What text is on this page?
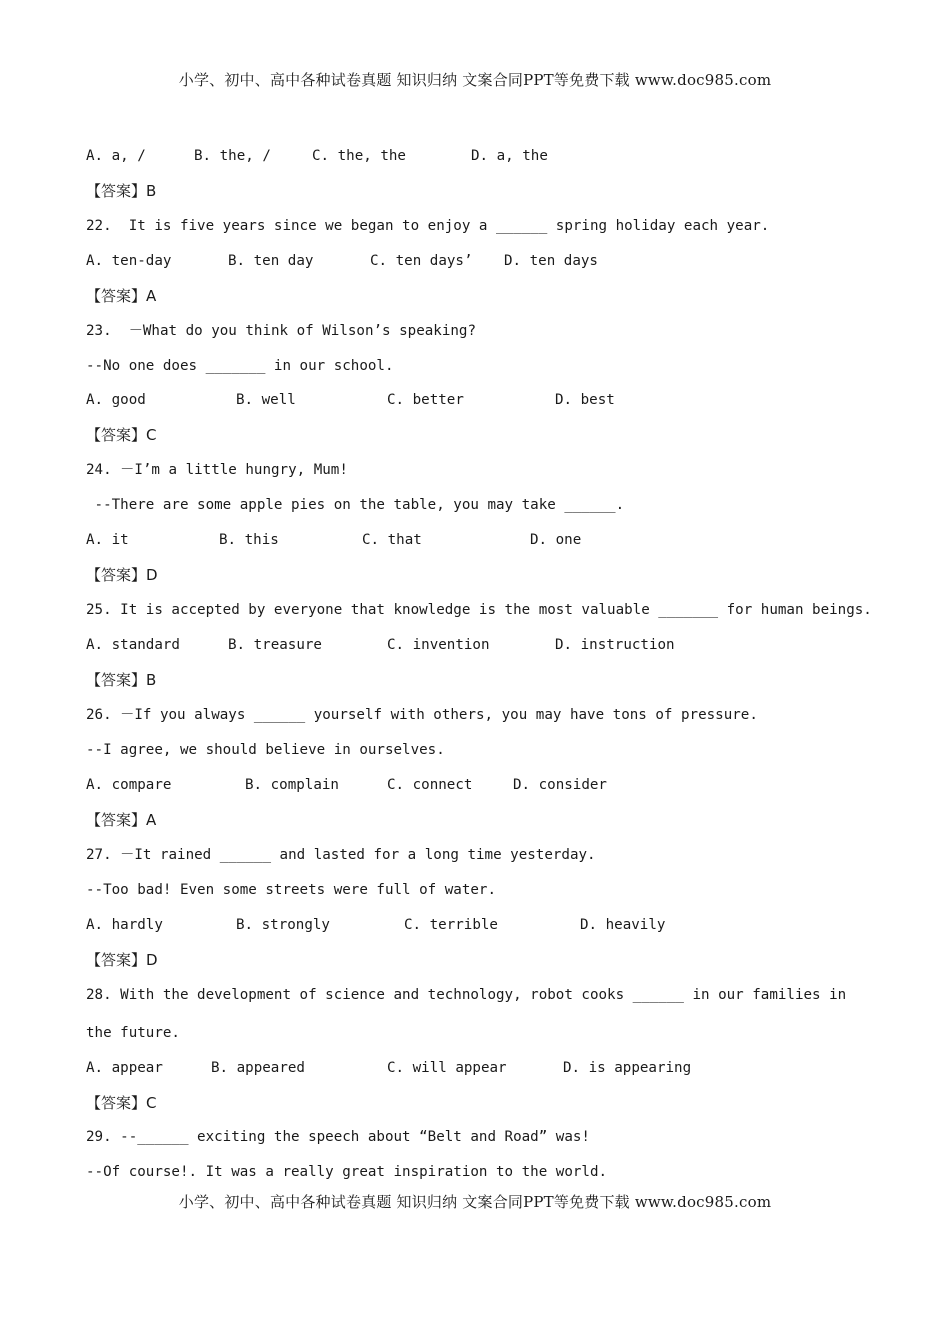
小学、初中、高中各种试卷真题 知识归纳 文案合同PPT等免费下载 www.doc985.com

A. a, /

	B. the, /

	C. the, the

	D. a, the

【答案】B
22.  It is five years since we began to enjoy a ______ spring holiday each year.

A. ten-day

	B. ten day

	C. ten days’

D. ten days

【答案】A
23.  －What do you think of Wilson’s speaking?
--No one does _______ in our school.

A. good

	B. well

	C. better

	D. best

【答案】C
24. －I’m a little hungry, Mum!
--There are some apple pies on the table, you may take ______.

A. it

	B. this

	C. that

	D. one

【答案】D
25. It is accepted by everyone that knowledge is the most valuable _______ for human beings.

A. standard

	B. treasure

	C. invention

	D. instruction

【答案】B
26. －If you always ______ yourself with others, you may have tons of pressure.
--I agree, we should believe in ourselves.

A. compare

	B. complain

	C. connect

	D. consider

【答案】A
27. －It rained ______ and lasted for a long time yesterday.
--Too bad! Even some streets were full of water.

A. hardly

	B. strongly

	C. terrible

	D. heavily

【答案】D
28. With the development of science and technology, robot cooks ______ in our families in
the future.

A. appear

	B. appeared

	C. will appear

	D. is appearing

【答案】C
29. --______ exciting the speech about “Belt and Road” was!
--Of course!. It was a really great inspiration to the world.
小学、初中、高中各种试卷真题 知识归纳 文案合同PPT等免费下载 www.doc985.com
